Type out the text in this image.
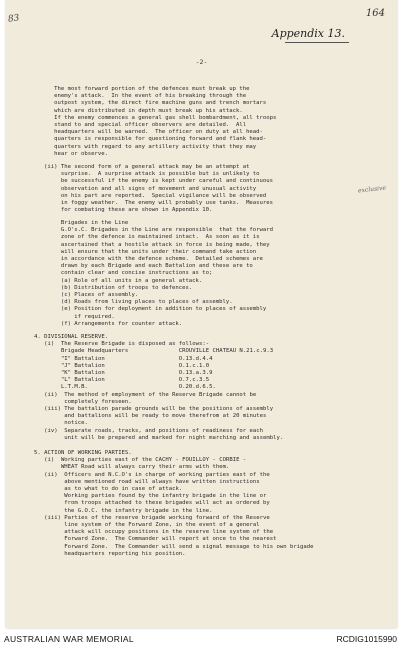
83	164
Appendix 13.
-2-
The most forward portion of the defences must break up the
enemy's attack.  In the event of his breaking through the
outpost system, the direct fire machine guns and trench mortars
which are distributed in depth must break up his attack.
If the enemy commences a general gas shell bombardment, all troops
stand to and special officer observers are detailed.  All
headquarters will be warned.  The officer on duty at all head-
quarters is responsible for questioning forward and flank head-
quarters with regard to any artillery activity that they may
hear or observe.
(ii) The second form of a general attack may be an attempt at
surprise.  A surprise attack is possible but is unlikely to
be successful if the enemy is kept under careful and continuous
observation and all signs of movement and unusual activity
on his part are reported.  Special vigilance will be observed
in foggy weather.  The enemy will probably use tanks.  Measures
for combating these are shown in Appendix 10.
Brigades in the Line
G.O's.C. Brigades in the Line are responsible  that the forward
zone of the defence is maintained intact.  As soon as it is
ascertained that a hostile attack in force is being made, they
will ensure that the units under their command take action
in accordance with the defence scheme.  Detailed schemes are
drawn by each Brigade and each Battalion and these are to
contain clear and concise instructions as to;
(a) Role of all units in a general attack.
(b) Distribution of troops to defences.
(c) Places of assembly.
(d) Roads from living places to places of assembly.
(e) Position for deployment in addition to places of assembly
if required.
(f) Arrangements for counter attack.
4. DIVISIONAL RESERVE.
(i)  The Reserve Brigade is disposed as follows:-
Brigade Headquarters               CROUVILLE CHATEAU N.21.c.9.3
"I" Battalion                      O.13.d.4.4
"J" Battalion                      O.1.c.1.0
"K" Battalion                      O.13.a.3.9
"L" Battalion                      O.7.c.3.5
L.T.M.B.                           O.20.d.6.5.
(ii)  The method of employment of the Reserve Brigade cannot be
completely foreseen.
(iii) The battalion parade grounds will be the positions of assembly
and battalions will be ready to move therefrom at 20 minutes
notice.
(iv)  Separate roads, tracks, and positions of readiness for each
unit will be prepared and marked for night marching and assembly.
5. ACTION OF WORKING PARTIES.
(i)  Working parties east of the CACHY - FOUILLOY - CORBIE -
WHEAT Road will always carry their arms with them.
(ii)  Officers and N.C.O's in charge of working parties east of the
above mentioned road will always have written instructions
as to what to do in case of attack.
Working parties found by the infantry brigade in the line or
from troops attached to these brigades will act as ordered by
the G.O.C. the infantry brigade in the line.
(iii) Parties of the reserve brigade working forward of the Reserve
line system of the Forward Zone, in the event of a general
attack will occupy positions in the reserve line system of the
Forward Zone.  The Commander will report at once to the nearest
Forward Zone.  The Commander will send a signal message to his own brigade
headquarters reporting his position.
exclusive
AUSTRALIAN WAR MEMORIAL	RCDIG1015990
